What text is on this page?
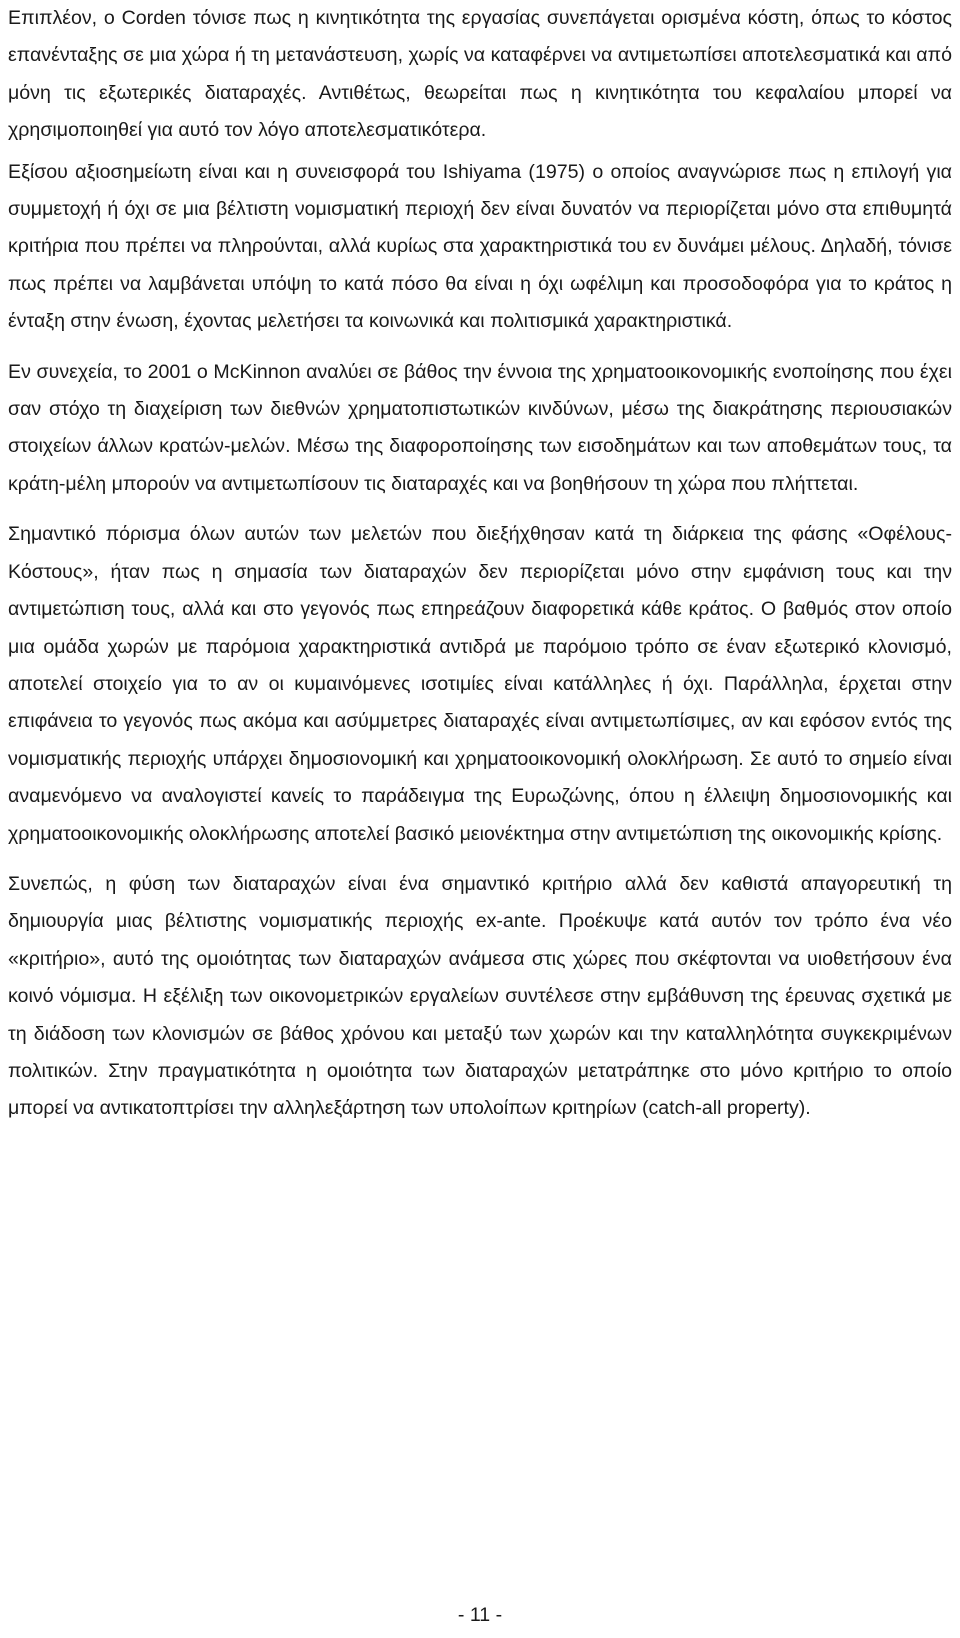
Επιπλέον, ο Corden τόνισε πως η κινητικότητα της εργασίας συνεπάγεται ορισμένα κόστη, όπως το κόστος επανένταξης σε μια χώρα ή τη μετανάστευση, χωρίς να καταφέρνει να αντιμετωπίσει αποτελεσματικά και από μόνη τις εξωτερικές διαταραχές. Αντιθέτως, θεωρείται πως η κινητικότητα του κεφαλαίου μπορεί να χρησιμοποιηθεί για αυτό τον λόγο αποτελεσματικότερα.

Εξίσου αξιοσημείωτη είναι και η συνεισφορά του Ishiyama (1975) ο οποίος αναγνώρισε πως η επιλογή για συμμετοχή ή όχι σε μια βέλτιστη νομισματική περιοχή δεν είναι δυνατόν να περιορίζεται μόνο στα επιθυμητά κριτήρια που πρέπει να πληρούνται, αλλά κυρίως στα χαρακτηριστικά του εν δυνάμει μέλους. Δηλαδή, τόνισε πως πρέπει να λαμβάνεται υπόψη το κατά πόσο θα είναι η όχι ωφέλιμη και προσοδοφόρα για το κράτος η ένταξη στην ένωση, έχοντας μελετήσει τα κοινωνικά και πολιτισμικά χαρακτηριστικά.

Εν συνεχεία, το 2001 ο McKinnon αναλύει σε βάθος την έννοια της χρηματοοικονομικής ενοποίησης που έχει σαν στόχο τη διαχείριση των διεθνών χρηματοπιστωτικών κινδύνων, μέσω της διακράτησης περιουσιακών στοιχείων άλλων κρατών-μελών. Μέσω της διαφοροποίησης των εισοδημάτων και των αποθεμάτων τους, τα κράτη-μέλη μπορούν να αντιμετωπίσουν τις διαταραχές και να βοηθήσουν τη χώρα που πλήττεται.

Σημαντικό πόρισμα όλων αυτών των μελετών που διεξήχθησαν κατά τη διάρκεια της φάσης «Οφέλους- Κόστους», ήταν πως η σημασία των διαταραχών δεν περιορίζεται μόνο στην εμφάνιση τους και την αντιμετώπιση τους, αλλά και στο γεγονός πως επηρεάζουν διαφορετικά κάθε κράτος. Ο βαθμός στον οποίο μια ομάδα χωρών με παρόμοια χαρακτηριστικά αντιδρά με παρόμοιο τρόπο σε έναν εξωτερικό κλονισμό, αποτελεί στοιχείο για το αν οι κυμαινόμενες ισοτιμίες είναι κατάλληλες ή όχι. Παράλληλα, έρχεται στην επιφάνεια το γεγονός πως ακόμα και ασύμμετρες διαταραχές είναι αντιμετωπίσιμες, αν και εφόσον εντός της νομισματικής περιοχής υπάρχει δημοσιονομική και χρηματοοικονομική ολοκλήρωση. Σε αυτό το σημείο είναι αναμενόμενο να αναλογιστεί κανείς το παράδειγμα της Ευρωζώνης, όπου η έλλειψη δημοσιονομικής και χρηματοοικονομικής ολοκλήρωσης αποτελεί βασικό μειονέκτημα στην αντιμετώπιση της οικονομικής κρίσης.

Συνεπώς, η φύση των διαταραχών είναι ένα σημαντικό κριτήριο αλλά δεν καθιστά απαγορευτική τη δημιουργία μιας βέλτιστης νομισματικής περιοχής ex-ante. Προέκυψε κατά αυτόν τον τρόπο ένα νέο «κριτήριο», αυτό της ομοιότητας των διαταραχών ανάμεσα στις χώρες που σκέφτονται να υιοθετήσουν ένα κοινό νόμισμα. Η εξέλιξη των οικονομετρικών εργαλείων συντέλεσε στην εμβάθυνση της έρευνας σχετικά με τη διάδοση των κλονισμών σε βάθος χρόνου και μεταξύ των χωρών και την καταλληλότητα συγκεκριμένων πολιτικών. Στην πραγματικότητα η ομοιότητα των διαταραχών μετατράπηκε στο μόνο κριτήριο το οποίο μπορεί να αντικατοπτρίσει την αλληλεξάρτηση των υπολοίπων κριτηρίων (catch-all property).

- 11 -
